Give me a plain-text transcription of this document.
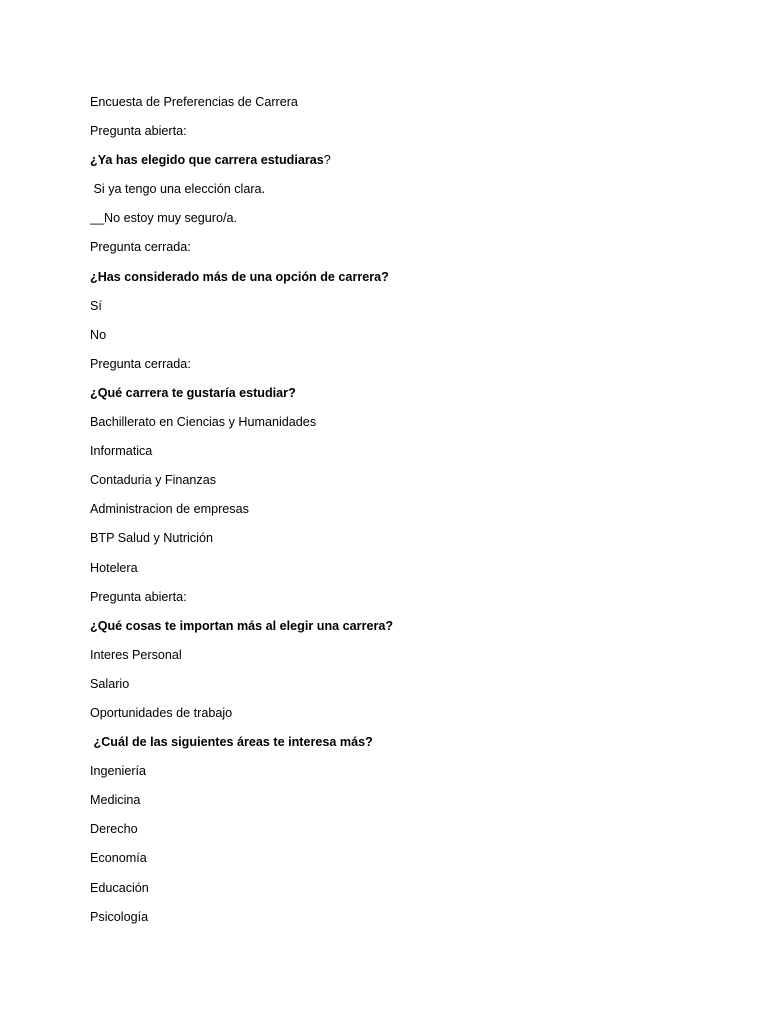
Encuesta de Preferencias de Carrera
Pregunta abierta:
¿Ya has elegido que carrera estudiaras?
Si ya tengo una elección clara.
__No estoy muy seguro/a.
Pregunta cerrada:
¿Has considerado más de una opción de carrera?
Sí
No
Pregunta cerrada:
¿Qué carrera te gustaría estudiar?
Bachillerato en Ciencias y Humanidades
Informatica
Contaduria y Finanzas
Administracion de empresas
BTP Salud y Nutrición
Hotelera
Pregunta abierta:
¿Qué cosas te importan más al elegir una carrera?
Interes Personal
Salario
Oportunidades de trabajo
¿Cuál de las siguientes áreas te interesa más?
Ingeniería
Medicina
Derecho
Economía
Educación
Psicología
